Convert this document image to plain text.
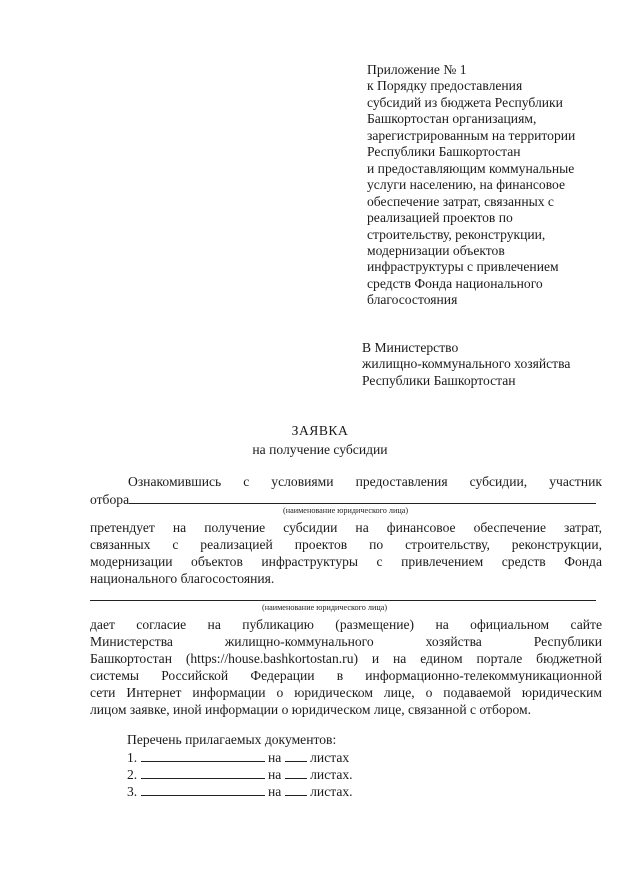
Приложение № 1
к Порядку предоставления
субсидий из бюджета Республики
Башкортостан организациям,
зарегистрированным на территории
Республики Башкортостан
и предоставляющим коммунальные
услуги населению, на финансовое
обеспечение затрат, связанных с
реализацией проектов по
строительству, реконструкции,
модернизации объектов
инфраструктуры с привлечением
средств Фонда национального
благосостояния
В Министерство
жилищно-коммунального хозяйства
Республики Башкортостан
ЗАЯВКА
на получение субсидии
Ознакомившись с условиями предоставления субсидии, участник
отбора
(наименование юридического лица)
претендует на получение субсидии на финансовое обеспечение затрат,
связанных с реализацией проектов по строительству, реконструкции,
модернизации объектов инфраструктуры с привлечением средств Фонда
национального благосостояния.
(наименование юридического лица)
дает согласие на публикацию (размещение) на официальном сайте
Министерства жилищно-коммунального хозяйства Республики
Башкортостан (https://house.bashkortostan.ru) и на едином портале бюджетной
системы Российской Федерации в информационно-телекоммуникационной
сети Интернет информации о юридическом лице, о подаваемой юридическим
лицом заявке, иной информации о юридическом лице, связанной с отбором.
Перечень прилагаемых документов:
1.	на листах
2.	на листах.
3.	на листах.
